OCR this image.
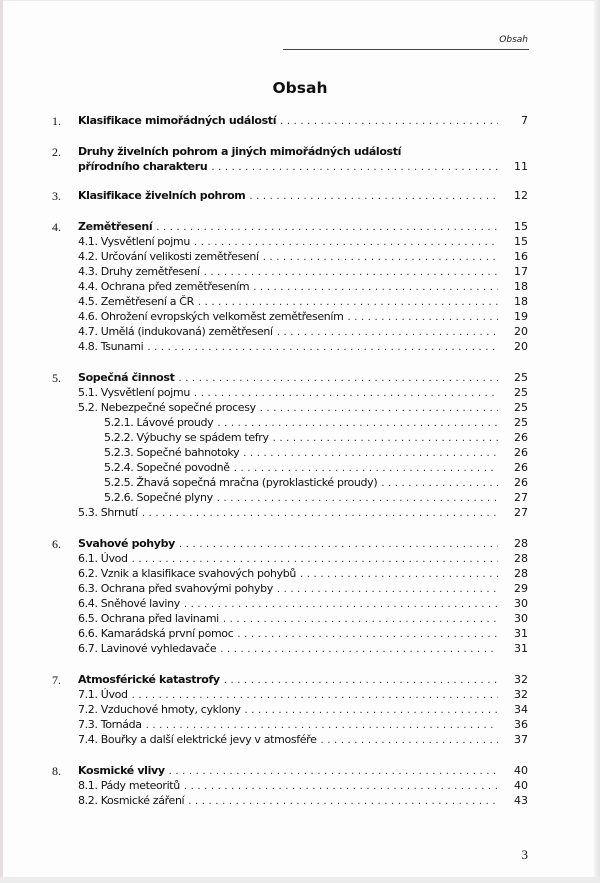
Obsah
Obsah
1. Klasifikace mimořádných událostí . . .	7
2. Druhy živelních pohrom a jiných mimořádných událostí
přírodního charakteru . . .	11
3. Klasifikace živelních pohrom . . .	12
4. Zemětřesení . . .	15
4.1. Vysvětlení pojmu . . .	15
4.2. Určování velikosti zemětřesení . . .	16
4.3. Druhy zemětřesení . . .	17
4.4. Ochrana před zemětřesením . . .	18
4.5. Zemětřesení a ČR . . .	18
4.6. Ohrožení evropských velkoměst zemětřesením . . .	19
4.7. Umělá (indukovaná) zemětřesení . . .	20
4.8. Tsunami . . .	20
5. Sopečná činnost . . .	25
5.1. Vysvětlení pojmu . . .	25
5.2. Nebezpečné sopečné procesy . . .	25
5.2.1. Lávové proudy . . .	25
5.2.2. Výbuchy se spádem tefry . . .	26
5.2.3. Sopečné bahnotoky . . .	26
5.2.4. Sopečné povodně . . .	26
5.2.5. Žhavá sopečná mračna (pyroklastické proudy) . . .	26
5.2.6. Sopečné plyny . . .	27
5.3. Shrnutí . . .	27
6. Svahové pohyby . . .	28
6.1. Úvod . . .	28
6.2. Vznik a klasifikace svahových pohybů . . .	28
6.3. Ochrana před svahovými pohyby . . .	29
6.4. Sněhové laviny . . .	30
6.5. Ochrana před lavinami . . .	30
6.6. Kamarádská první pomoc . . .	31
6.7. Lavinové vyhledavače . . .	31
7. Atmosférické katastrofy . . .	32
7.1. Úvod . . .	32
7.2. Vzduchové hmoty, cyklony . . .	34
7.3. Tornáda . . .	36
7.4. Bouřky a další elektrické jevy v atmosféře . . .	37
8. Kosmické vlivy . . .	40
8.1. Pády meteoritů . . .	40
8.2. Kosmické záření . . .	43
3
